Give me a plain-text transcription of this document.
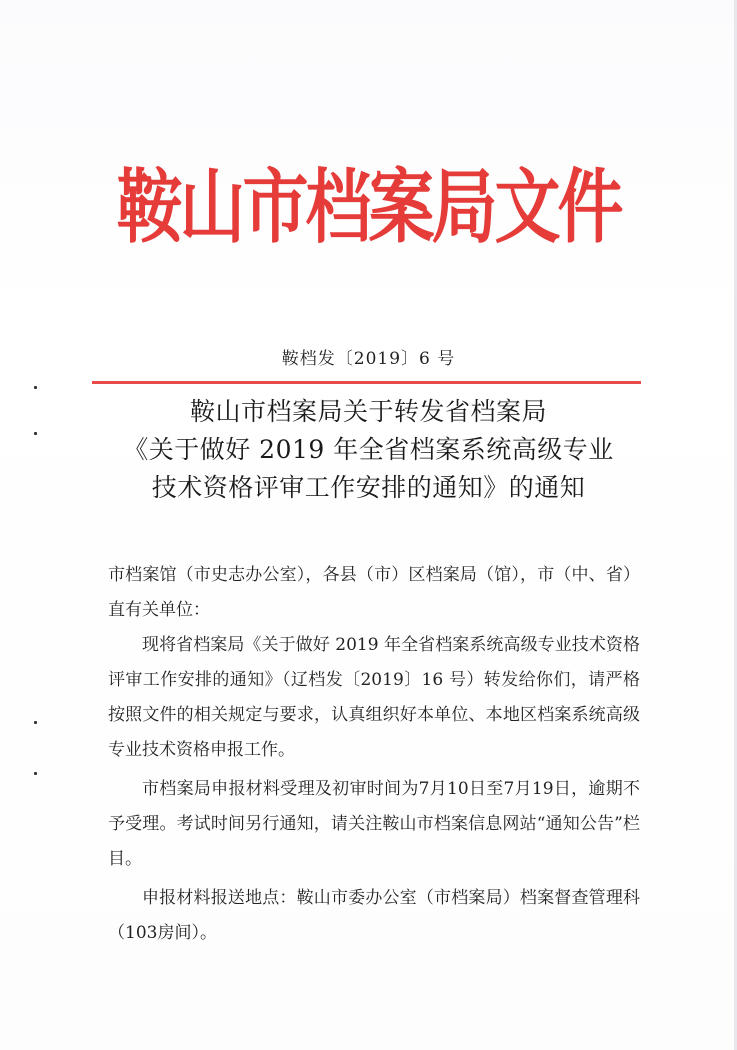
鞍山市档案局文件
鞍档发〔2019〕6 号
鞍山市档案局关于转发省档案局
《关于做好 2019 年全省档案系统高级专业
技术资格评审工作安排的通知》的通知

市档案馆（市史志办公室），各县（市）区档案局（馆），市（中、省）直有关单位：

现将省档案局《关于做好 2019 年全省档案系统高级专业技术资格评审工作安排的通知》（辽档发〔2019〕16 号）转发给你们，请严格按照文件的相关规定与要求，认真组织好本单位、本地区档案系统高级专业技术资格申报工作。

市档案局申报材料受理及初审时间为7月10日至7月19日，逾期不予受理。考试时间另行通知，请关注鞍山市档案信息网站“通知公告”栏目。

申报材料报送地点：鞍山市委办公室（市档案局）档案督查管理科（103房间）。
